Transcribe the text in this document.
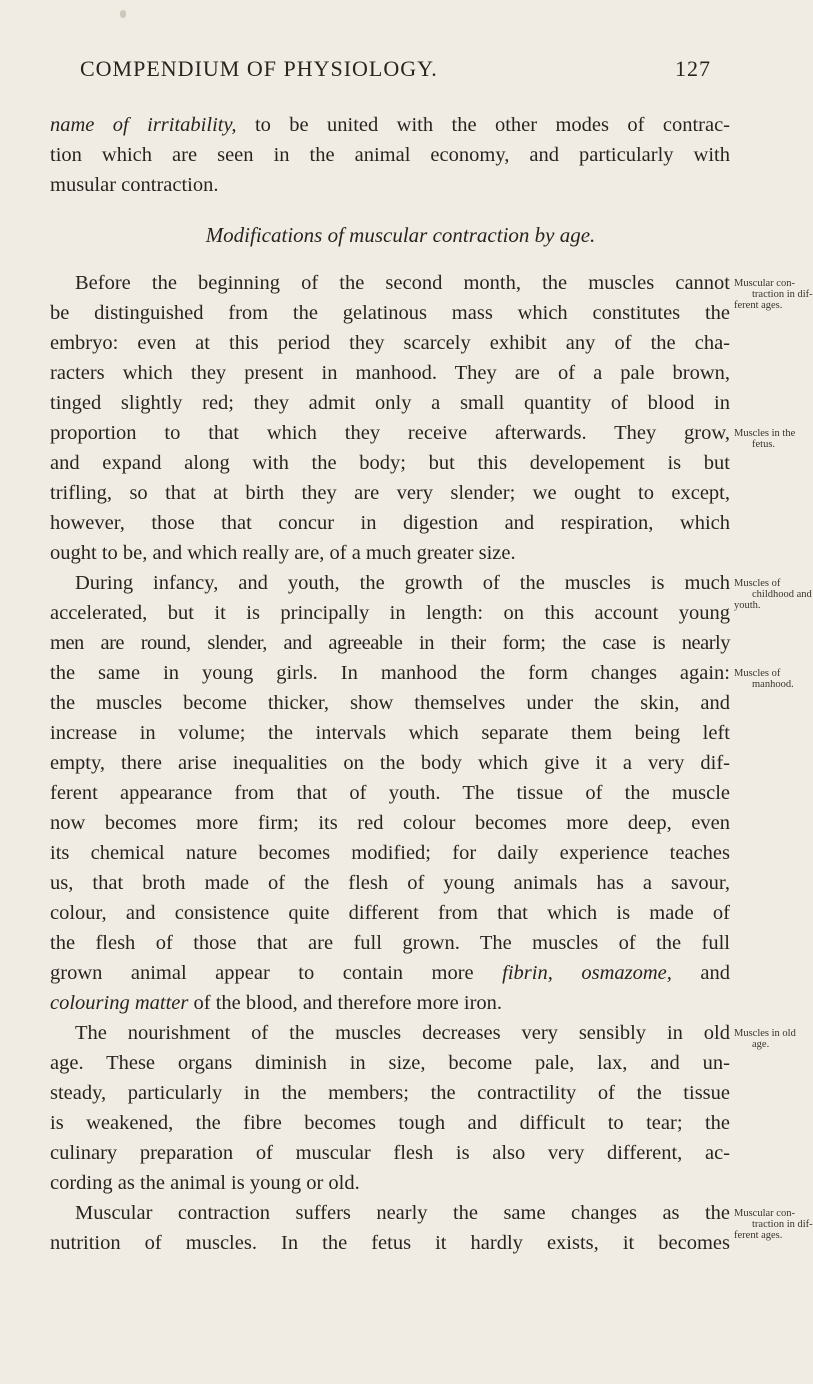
COMPENDIUM OF PHYSIOLOGY.	127
name of irritability, to be united with the other modes of contrac-
tion which are seen in the animal economy, and particularly with
musular contraction.
Modifications of muscular contraction by age.
Before the beginning of the second month, the muscles cannot
be distinguished from the gelatinous mass which constitutes the
embryo: even at this period they scarcely exhibit any of the cha-
racters which they present in manhood. They are of a pale brown,
tinged slightly red; they admit only a small quantity of blood in
proportion to that which they receive afterwards. They grow,
and expand along with the body; but this developement is but
trifling, so that at birth they are very slender; we ought to except,
however, those that concur in digestion and respiration, which
ought to be, and which really are, of a much greater size.
During infancy, and youth, the growth of the muscles is much
accelerated, but it is principally in length: on this account young
men are round, slender, and agreeable in their form; the case is nearly
the same in young girls. In manhood the form changes again:
the muscles become thicker, show themselves under the skin, and
increase in volume; the intervals which separate them being left
empty, there arise inequalities on the body which give it a very dif-
ferent appearance from that of youth. The tissue of the muscle
now becomes more firm; its red colour becomes more deep, even
its chemical nature becomes modified; for daily experience teaches
us, that broth made of the flesh of young animals has a savour,
colour, and consistence quite different from that which is made of
the flesh of those that are full grown. The muscles of the full
grown animal appear to contain more fibrin, osmazome, and
colouring matter of the blood, and therefore more iron.
The nourishment of the muscles decreases very sensibly in old
age. These organs diminish in size, become pale, lax, and un-
steady, particularly in the members; the contractility of the tissue
is weakened, the fibre becomes tough and difficult to tear; the
culinary preparation of muscular flesh is also very different, ac-
cording as the animal is young or old.
Muscular contraction suffers nearly the same changes as the
nutrition of muscles. In the fetus it hardly exists, it becomes
Muscular con-
traction in dif-
ferent ages.
Muscles in the
fetus.
Muscles of
childhood and
youth.
Muscles of
manhood.
Muscles in old
age.
Muscular con-
traction in dif-
ferent ages.
